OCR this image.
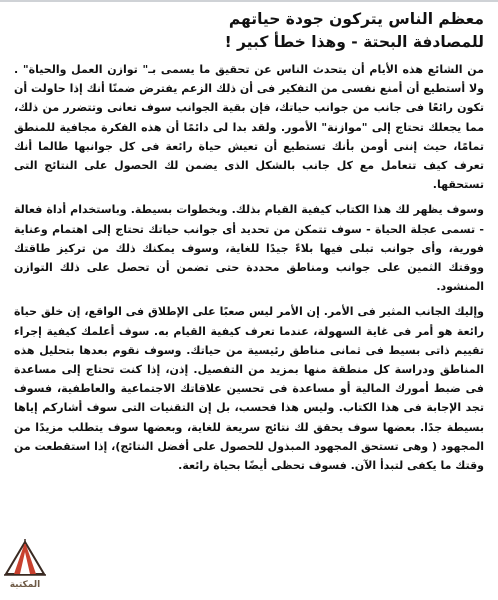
معظم الناس يتركون جودة حياتهم
للمصادفة البحتة - وهذا خطأ كبير !

من الشائع هذه الأيام أن يتحدث الناس عن تحقيق ما يسمى بـ" توازن العمل والحياة" . ولا أستطيع أن أمنع نفسى من التفكير فى أن ذلك الزعم يفترض ضمنًا أنك إذا حاولت أن تكون رائعًا فى جانب من جوانب حياتك، فإن بقية الجوانب سوف تعانى وتتضرر من ذلك، مما يجعلك تحتاج إلى "موازنة" الأمور. ولقد بدا لى دائمًا أن هذه الفكرة مجافية للمنطق تمامًا، حيث إننى أومن بأنك تستطيع أن تعيش حياة رائعة فى كل جوانبها طالما أنك تعرف كيف تتعامل مع كل جانب بالشكل الذى يضمن لك الحصول على النتائج التى تستحقها.

وسوف يظهر لك هذا الكتاب كيفية القيام بذلك. وبخطوات بسيطة. وباستخدام أداة فعالة - تسمى عجلة الحياة - سوف تتمكن من تحديد أى جوانب حياتك تحتاج إلى اهتمام وعناية فورية، وأى جوانب تبلى فيها بلاءً جيدًا للغاية، وسوف يمكنك ذلك من تركيز طاقتك ووقتك الثمين على جوانب ومناطق محددة حتى تضمن أن تحصل على ذلك التوازن المنشود.

وإليك الجانب المثير فى الأمر. إن الأمر ليس صعبًا على الإطلاق فى الواقع، إن خلق حياة رائعة هو أمر فى غاية السهولة، عندما تعرف كيفية القيام به. سوف أعلمك كيفية إجراء تقييم ذاتى بسيط فى ثمانى مناطق رئيسية من حياتك. وسوف نقوم بعدها بتحليل هذه المناطق ودراسة كل منطقة منها بمزيد من التفصيل. إذن، إذا كنت تحتاج إلى مساعدة فى ضبط أمورك المالية أو مساعدة فى تحسين علاقاتك الاجتماعية والعاطفية، فسوف تجد الإجابة فى هذا الكتاب. وليس هذا فحسب، بل إن التقنيات التى سوف أشاركم إياها بسيطة جدًا. بعضها سوف يحقق لك نتائج سريعة للغاية، وبعضها سوف يتطلب مزيدًا من المجهود ( وهى تستحق المجهود المبذول للحصول على أفضل النتائج)، إذا استقطعت من وقتك ما يكفى لتبدأ الآن. فسوف تحظى أيضًا بحياة رائعة.

المكتبة
